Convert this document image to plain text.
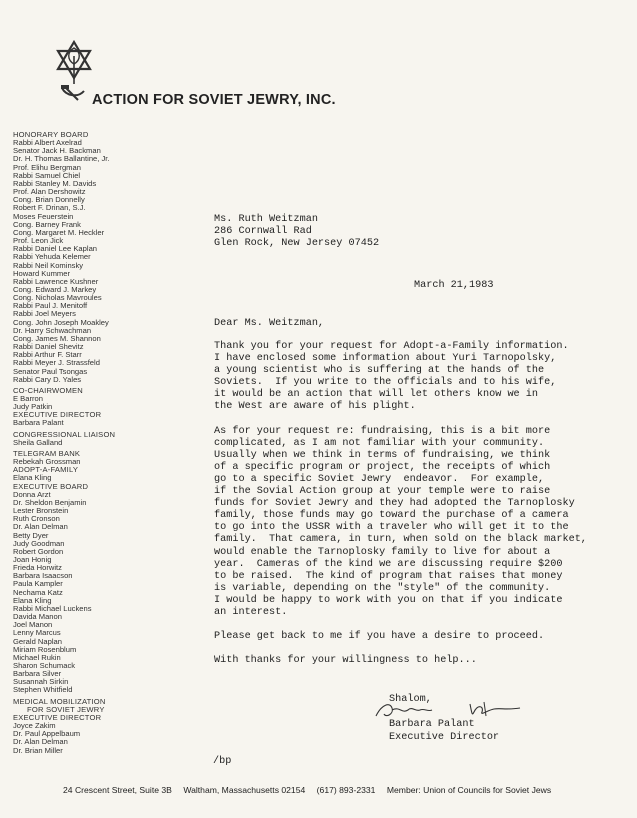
ACTION FOR SOVIET JEWRY, INC.
HONORARY BOARD
Rabbi Albert Axelrad
Senator Jack H. Backman
Dr. H. Thomas Ballantine, Jr.
Prof. Elihu Bergman
Rabbi Samuel Chiel
Rabbi Stanley M. Davids
Prof. Alan Dershowitz
Cong. Brian Donnelly
Robert F. Drinan, S.J.
Moses Feuerstein
Cong. Barney Frank
Cong. Margaret M. Heckler
Prof. Leon Jick
Rabbi Daniel Lee Kaplan
Rabbi Yehuda Kelemer
Rabbi Neil Kominsky
Howard Kummer
Rabbi Lawrence Kushner
Cong. Edward J. Markey
Cong. Nicholas Mavroules
Rabbi Paul J. Menitoff
Rabbi Joel Meyers
Cong. John Joseph Moakley
Dr. Harry Schwachman
Cong. James M. Shannon
Rabbi Daniel Shevitz
Rabbi Arthur F. Starr
Rabbi Meyer J. Strassfeld
Senator Paul Tsongas
Rabbi Cary D. Yales
CO-CHAIRWOMEN
E Barron
Judy Patkin
EXECUTIVE DIRECTOR
Barbara Palant
CONGRESSIONAL LIAISON
Sheila Galland
TELEGRAM BANK
Rebekah Grossman
ADOPT-A-FAMILY
Elana Kling
EXECUTIVE BOARD
Donna Arzt
Dr. Sheldon Benjamin
Lester Bronstein
Ruth Cronson
Dr. Alan Delman
Betty Dyer
Judy Goodman
Robert Gordon
Joan Honig
Frieda Horwitz
Barbara Isaacson
Paula Kampler
Nechama Katz
Elana Kling
Rabbi Michael Luckens
Davida Manon
Joel Manon
Lenny Marcus
Gerald Naplan
Miriam Rosenblum
Michael Rukin
Sharon Schumack
Barbara Silver
Susannah Sirkin
Stephen Whitfield
MEDICAL MOBILIZATION
FOR SOVIET JEWRY
EXECUTIVE DIRECTOR
Joyce Zakim
Dr. Paul Appelbaum
Dr. Alan Delman
Dr. Brian Miller
Ms. Ruth Weitzman
286 Cornwall Rad
Glen Rock, New Jersey 07452
March 21,1983
Dear Ms. Weitzman,
Thank you for your request for Adopt-a-Family information.
I have enclosed some information about Yuri Tarnopolsky,
a young scientist who is suffering at the hands of the
Soviets.  If you write to the officials and to his wife,
it would be an action that will let others know we in
the West are aware of his plight.
As for your request re: fundraising, this is a bit more
complicated, as I am not familiar with your community.
Usually when we think in terms of fundraising, we think
of a specific program or project, the receipts of which
go to a specific Soviet Jewry  endeavor.  For example,
if the Sovial Action group at your temple were to raise
funds for Soviet Jewry and they had adopted the Tarnoplosky
family, those funds may go toward the purchase of a camera
to go into the USSR with a traveler who will get it to the
family.  That camera, in turn, when sold on the black market,
would enable the Tarnoplosky family to live for about a
year.  Cameras of the kind we are discussing require $200
to be raised.  The kind of program that raises that money
is variable, depending on the "style" of the community.
I would be happy to work with you on that if you indicate
an interest.
Please get back to me if you have a desire to proceed.
With thanks for your willingness to help...
Shalom,
Barbara Palant
Executive Director
/bp
24 Crescent Street, Suite 3B Waltham, Massachusetts 02154 (617) 893-2331 Member: Union of Councils for Soviet Jews
